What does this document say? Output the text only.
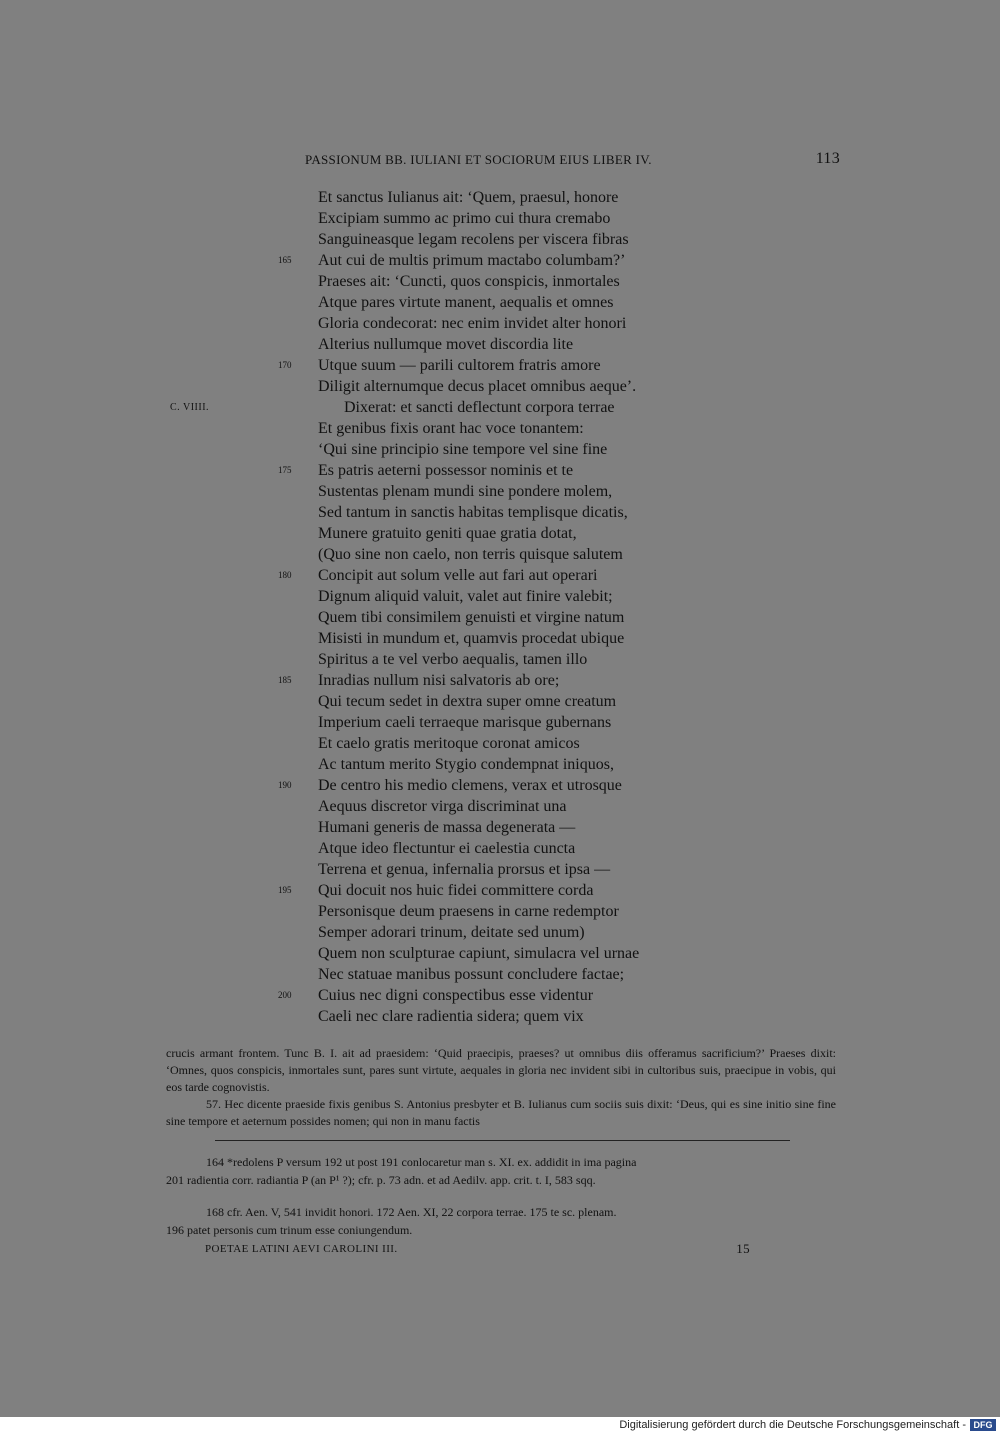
PASSIONUM BB. IULIANI ET SOCIORUM EIUS LIBER IV.	113
Et sanctus Iulianus ait: ‘Quem, praesul, honore
Excipiam summo ac primo cui thura cremabo
Sanguineasque legam recolens per viscera fibras
165	Aut cui de multis primum mactabo columbam?’
Praeses ait: ‘Cuncti, quos conspicis, inmortales
Atque pares virtute manent, aequalis et omnes
Gloria condecorat: nec enim invidet alter honori
Alterius nullumque movet discordia lite
170	Utque suum — parili cultorem fratris amore
Diligit alternumque decus placet omnibus aeque’.
C. VIIII.	Dixerat: et sancti deflectunt corpora terrae
Et genibus fixis orant hac voce tonantem:
‘Qui sine principio sine tempore vel sine fine
175	Es patris aeterni possessor nominis et te
Sustentas plenam mundi sine pondere molem,
Sed tantum in sanctis habitas templisque dicatis,
Munere gratuito geniti quae gratia dotat,
(Quo sine non caelo, non terris quisque salutem
180	Concipit aut solum velle aut fari aut operari
Dignum aliquid valuit, valet aut finire valebit;
Quem tibi consimilem genuisti et virgine natum
Misisti in mundum et, quamvis procedat ubique
Spiritus a te vel verbo aequalis, tamen illo
185	Inradias nullum nisi salvatoris ab ore;
Qui tecum sedet in dextra super omne creatum
Imperium caeli terraeque marisque gubernans
Et caelo gratis meritoque coronat amicos
Ac tantum merito Stygio condempnat iniquos,
190	De centro his medio clemens, verax et utrosque
Aequus discretor virga discriminat una
Humani generis de massa degenerata —
Atque ideo flectuntur ei caelestia cuncta
Terrena et genua, infernalia prorsus et ipsa —
195	Qui docuit nos huic fidei committere corda
Personisque deum praesens in carne redemptor
Semper adorari trinum, deitate sed unum)
Quem non sculpturae capiunt, simulacra vel urnae
Nec statuae manibus possunt concludere factae;
200	Cuius nec digni conspectibus esse videntur
Caeli nec clare radientia sidera; quem vix

crucis armant frontem. Tunc B. I. ait ad praesidem: ‘Quid praecipis, praeses? ut omnibus diis offeramus sacrificium?’ Praeses dixit: ‘Omnes, quos conspicis, inmortales sunt, pares sunt virtute, aequales in gloria nec invident sibi in cultoribus suis, praecipue in vobis, qui eos tarde cognovistis.

57. Hec dicente praeside fixis genibus S. Antonius presbyter et B. Iulianus cum sociis suis dixit: ‘Deus, qui es sine initio sine fine sine tempore et aeternum possides nomen; qui non in manu factis

164 *redolens P versum 192 ut post 191 conlocaretur man s. XI. ex. addidit in ima pagina

201 radientia corr. radiantia P (an P¹ ?); cfr. p. 73 adn. et ad Aedilv. app. crit. t. I, 583 sqq.

168 cfr. Aen. V, 541 invidit honori. 172 Aen. XI, 22 corpora terrae. 175 te sc. plenam.

196 patet personis cum trinum esse coniungendum.

POETAE LATINI AEVI CAROLINI III.	15
Digitalisierung gefördert durch die Deutsche Forschungsgemeinschaft - DFG
